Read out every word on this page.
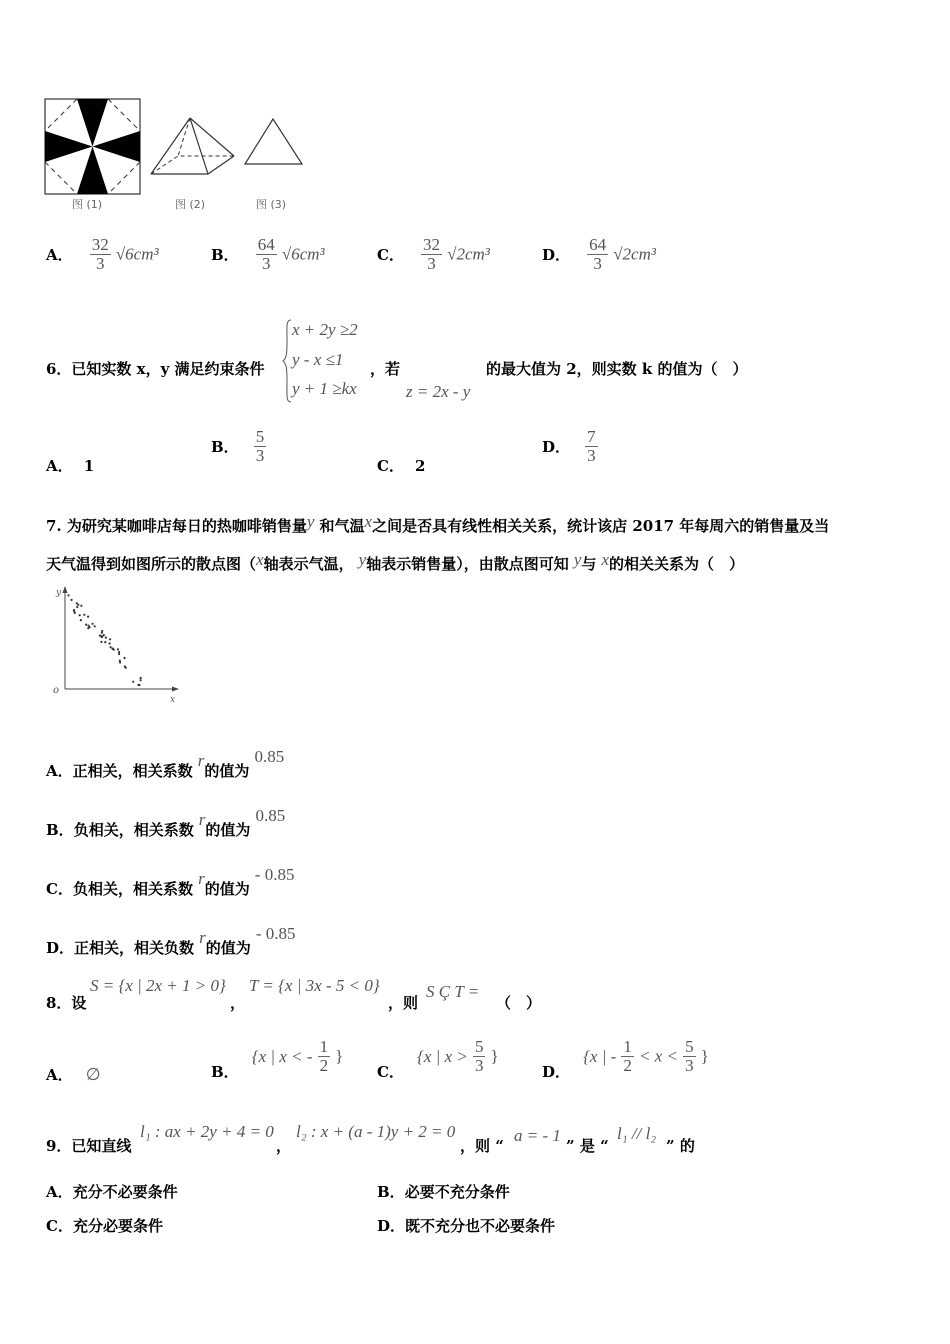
图 (1)	图 (2)	图 (3)
A． $\frac{32}{3} √6cm^3$	B． $\frac{64}{3} √6cm^3$	C． $\frac{32}{3} √2cm^3$	D． $\frac{64}{3} √2cm^3$
6．已知实数 x，y 满足约束条件
x + 2y ≥2
y - x ≤1
y + 1 ≥kx
，若
z = 2x - y
的最大值为 2，则实数 k 的值为（　）
A． 1
B． $\frac{5}{3}$
C． 2
D． $\frac{7}{3}$
7. 为研究某咖啡店每日的热咖啡销售量y 和气温x之间是否具有线性相关关系，统计该店 2017 年每周六的销售量及当
天气温得到如图所示的散点图（x轴表示气温， y轴表示销售量），由散点图可知 y与 x的相关关系为（　）
y
x
o
A．正相关，相关系数 r的值为 0.85
B．负相关，相关系数 r的值为 0.85
C．负相关，相关系数 r的值为 - 0.85
D．正相关，相关负数 r的值为 - 0.85
8．设
S = {x | 2x + 1 > 0}
，
T = {x | 3x - 5 < 0}
，则
S Ç T =
（　）
A． ∅	B． {x | x < - $\frac{1}{2}$ }
C． {x | $x > \frac{5}{3}$ }
D． {x | - $\frac{1}{2} < x < \frac{5}{3}$ }
9．已知直线
l₁ : ax + 2y + 4 = 0
，
l₂ : x + (a - 1)y + 2 = 0
，则 “
a = - 1
” 是 “
l₁ // l₂
” 的
A．充分不必要条件	B．必要不充分条件
C．充分必要条件	D．既不充分也不必要条件
